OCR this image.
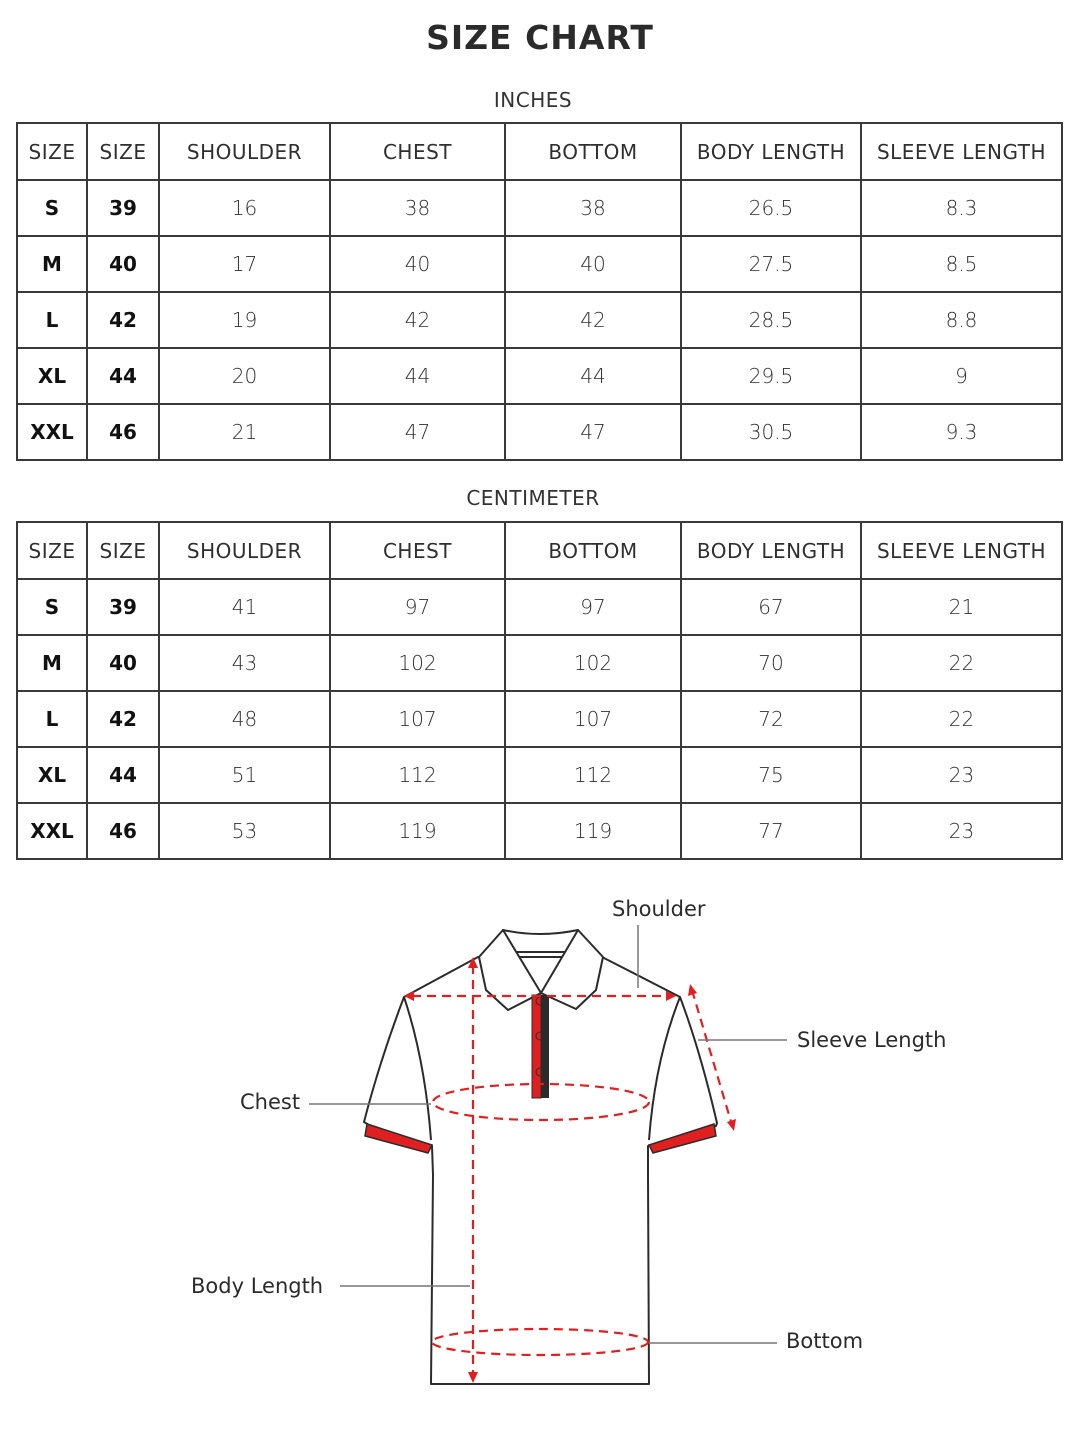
SIZE CHART
INCHES
SIZE	SIZE	SHOULDER	CHEST	BOTTOM	BODY LENGTH	SLEEVE LENGTH
S	39	16	38	38	26.5	8.3
M	40	17	40	40	27.5	8.5
L	42	19	42	42	28.5	8.8
XL	44	20	44	44	29.5	9
XXL	46	21	47	47	30.5	9.3
CENTIMETER
SIZE	SIZE	SHOULDER	CHEST	BOTTOM	BODY LENGTH	SLEEVE LENGTH
S	39	41	97	97	67	21
M	40	43	102	102	70	22
L	42	48	107	107	72	22
XL	44	51	112	112	75	23
XXL	46	53	119	119	77	23
Shoulder
Sleeve Length
Chest
Body Length
Bottom
